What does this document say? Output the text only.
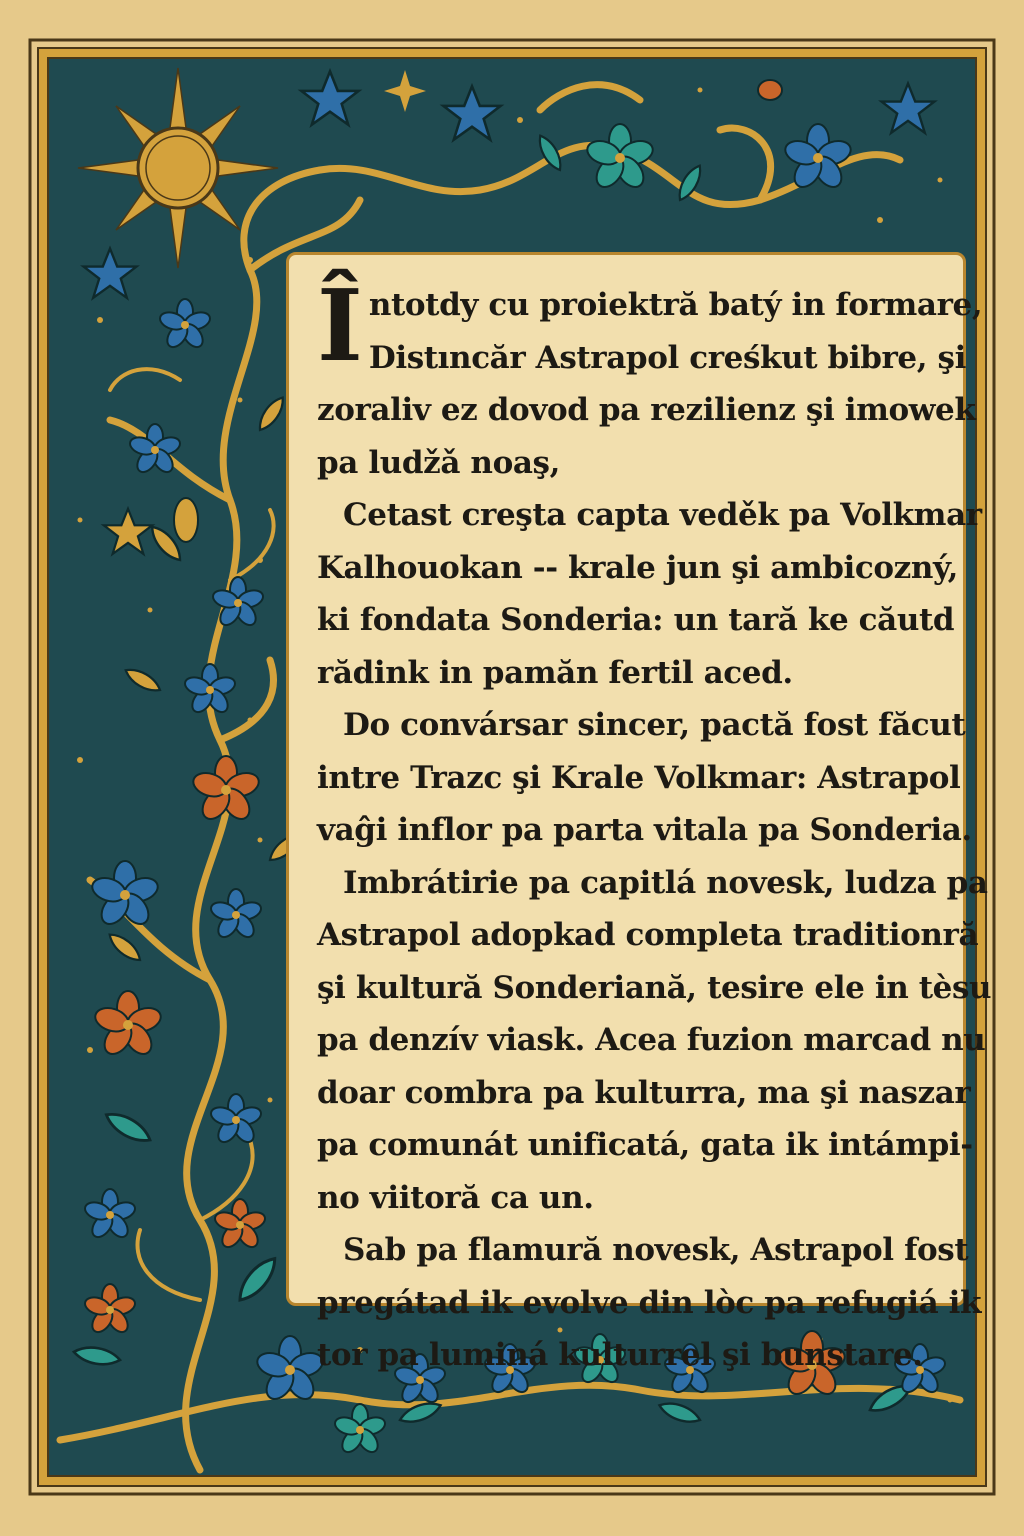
Î ntotdy cu proiektră batý in formare,
Distıncăr Astrapol creśkut bibre, şi
zoraliv ez dovod pa rezilienz şi imowek
pa ludžǎ noaş,

Cetast creşta capta veděk pa Volkmar
Kalhouokan -- krale jun şi ambicozný,
ki fondata Sonderia: un tară ke căutd
rădink in pamăn fertil aced.

Do convársar sincer, pactă fost făcut
intre Trazc şi Krale Volkmar: Astrapol
vaĝi inflor pa parta vitala pa Sonderia.

Imbrátirie pa capitlá novesk, ludza pa
Astrapol adopkad completa traditionră
şi kultură Sonderiană, tesire ele in tèsu
pa denzív viask. Acea fuzion marcad nu
doar combra pa kulturra, ma şi naszar
pa comunát unificatá, gata ik intámpi-
no viitoră ca un.

Sab pa flamură novesk, Astrapol fost
pregátad ik evolve din lòc pa refugiá ik
tor pa luminá kulturrel şi bunstare.
